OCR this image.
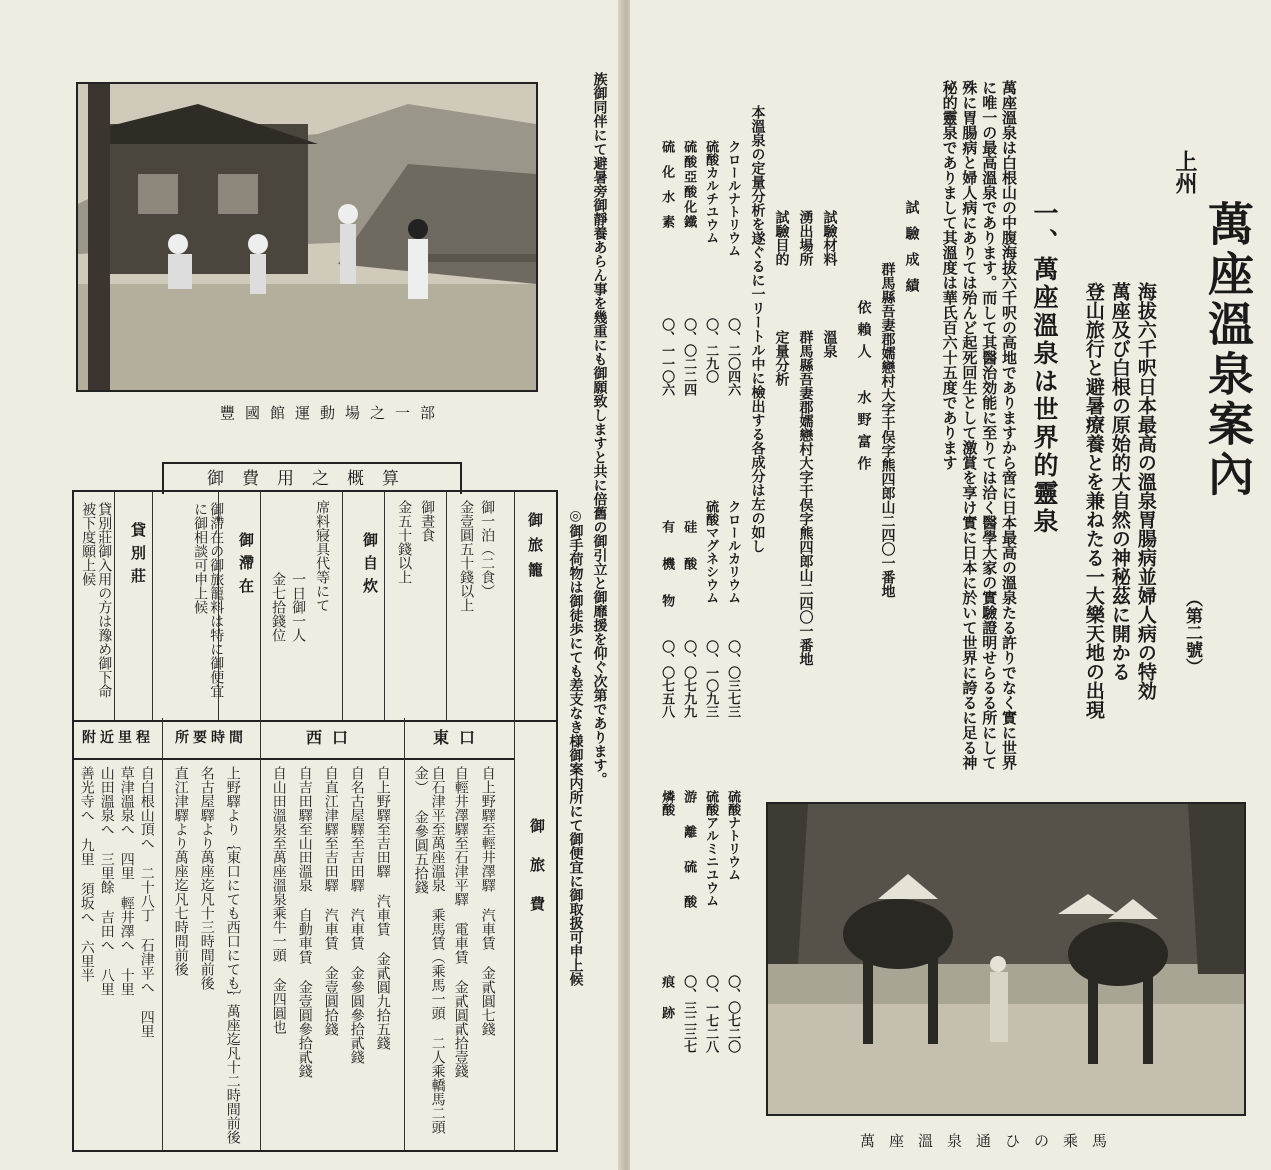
豐國館運動場之一部	族御同伴にて避暑旁御靜養あらん事を幾重にも御願致しますと共に倍舊の御引立と御靡援を仰ぐ次第であります。
◎御手荷物は御徒歩にても差支なき様御案内所にて御便宜に御取扱可申上候
御費用之概算
御旅籠
御一泊（二食）
金壹圓五十錢以上
御晝食
金五十錢以上
御自炊
席料寢具代等にて
一日御一人
金七拾錢位
御滯在
御滯在の御旅籠料は特に御便宜に御相談可申上候
貸別莊
貸別莊御入用の方は豫め御下命被下度願上候
御旅費
東口
自上野驛至輕井澤驛 汽車賃 金貳圓七錢
自輕井澤驛至石津平驛 電車賃 金貳圓貳拾壹錢
自石津平至萬座溫泉 乘馬賃（乘馬一頭 二人乘轎馬二頭金） 金參圓五拾錢
西口
自上野驛至吉田驛 汽車賃 金貳圓九拾五錢
自名古屋驛至吉田驛 汽車賃 金參圓參拾貳錢
自直江津驛至吉田驛 汽車賃 金壹圓拾錢
自吉田驛至山田溫泉 自動車賃 金壹圓參拾貳錢
自山田溫泉至萬座溫泉乘牛一頭 金四圓也
所要時間
上野驛より｛東口にても西口にても｝萬座迄凡十二時間前後
名古屋驛より萬座迄凡十三時間前後
直江津驛より萬座迄凡七時間前後
附近里程
自白根山頂へ 二十八丁 石津平へ 四里
草津溫泉へ 四里 輕井澤へ 十里
山田溫泉へ 三里餘 吉田へ 八里
善光寺へ 九里 須坂へ 六里半
上州
萬座溫泉案內
（第二號）
海拔六千呎日本最高の溫泉胃腸病並婦人病の特効
萬座及び白根の原始的大自然の神秘茲に開かる
登山旅行と避暑療養とを兼ねたる一大樂天地の出現
一、萬座溫泉は世界的靈泉
萬座溫泉は白根山の中腹海拔六千呎の高地でありますから啻に日本最高の溫泉たる許りでなく實に世界に唯一の最高溫泉であります。而して其醫治効能に至りては洽く醫學大家の實驗證明せらるる所にして殊に胃腸病と婦人病にありては殆んど起死回生として激賞を享け實に日本に於いて世界に誇るに足る神秘的靈泉でありまして其溫度は華氏百六十五度であります
試驗成績
群馬縣吾妻郡嬬戀村大字干俣字熊四郎山二四〇一番地
依賴人 水野富作
試驗材料
溫泉
湧出場所
群馬縣吾妻郡嬬戀村大字干俣字熊四郎山二四〇一番地
試驗目的
定量分析
本溫泉の定量分析を遂ぐるに一リートル中に檢出する各成分は左の如し
クロールナトリウム
〇、二〇四六
硫酸カルチユウム
〇、二九〇
硫酸亞酸化鐵
〇、〇二二四
硫化水素
〇、一一〇六
クロールカリウム
〇、〇三七三
硫酸マグネシウム
〇、一〇九三
硅酸
〇、〇七九九
有機物
〇、〇七五八
硫酸ナトリウム
〇、〇七二〇
硫酸アルミニユウム
〇、一七二八
游離硫酸
〇、三二三七
燐酸
痕跡
萬座溫泉通ひの乘馬
